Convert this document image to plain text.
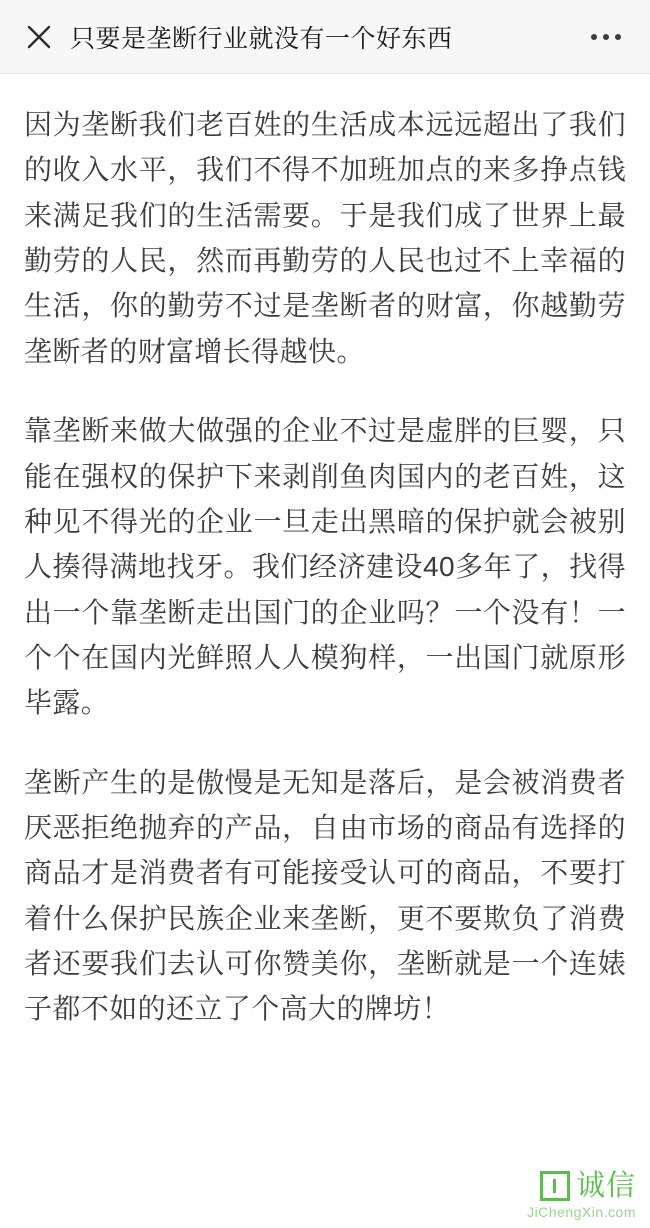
只要是垄断行业就没有一个好东西

因为垄断我们老百姓的生活成本远远超出了我们的收入水平，我们不得不加班加点的来多挣点钱来满足我们的生活需要。于是我们成了世界上最勤劳的人民，然而再勤劳的人民也过不上幸福的生活，你的勤劳不过是垄断者的财富，你越勤劳垄断者的财富增长得越快。

靠垄断来做大做强的企业不过是虚胖的巨婴，只能在强权的保护下来剥削鱼肉国内的老百姓，这种见不得光的企业一旦走出黑暗的保护就会被别人揍得满地找牙。我们经济建设40多年了，找得出一个靠垄断走出国门的企业吗？一个没有！一个个在国内光鲜照人人模狗样，一出国门就原形毕露。

垄断产生的是傲慢是无知是落后，是会被消费者厌恶拒绝抛弃的产品，自由市场的商品有选择的商品才是消费者有可能接受认可的商品，不要打着什么保护民族企业来垄断，更不要欺负了消费者还要我们去认可你赞美你，垄断就是一个连婊子都不如的还立了个高大的牌坊！

诚信
JiChengXin.com
